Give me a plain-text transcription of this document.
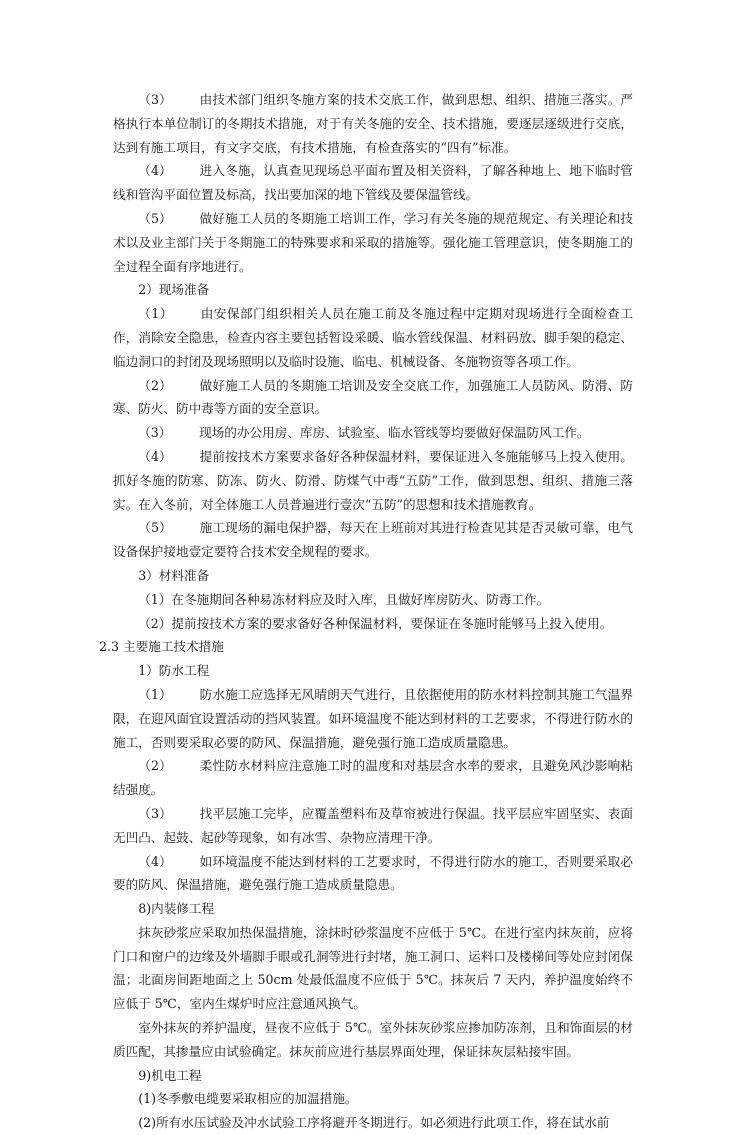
（3） 由技术部门组织冬施方案的技术交底工作，做到思想、组织、措施三落实。严格执行本单位制订的冬期技术措施，对于有关冬施的安全、技术措施，要逐层逐级进行交底，达到有施工项目，有文字交底，有技术措施，有检查落实的“四有”标准。

（4） 进入冬施，认真查见现场总平面布置及相关资料，了解各种地上、地下临时管线和管沟平面位置及标高，找出要加深的地下管线及要保温管线。

（5） 做好施工人员的冬期施工培训工作，学习有关冬施的规范规定、有关理论和技术以及业主部门关于冬期施工的特殊要求和采取的措施等。强化施工管理意识，使冬期施工的全过程全面有序地进行。

2）现场准备

（1） 由安保部门组织相关人员在施工前及冬施过程中定期对现场进行全面检查工作，消除安全隐患，检查内容主要包括暂设采暖、临水管线保温、材料码放、脚手架的稳定、临边洞口的封闭及现场照明以及临时设施、临电、机械设备、冬施物资等各项工作。

（2） 做好施工人员的冬期施工培训及安全交底工作，加强施工人员防风、防滑、防寒、防火、防中毒等方面的安全意识。

（3） 现场的办公用房、库房、试验室、临水管线等均要做好保温防风工作。

（4） 提前按技术方案要求备好各种保温材料，要保证进入冬施能够马上投入使用。抓好冬施的防寒、防冻、防火、防滑、防煤气中毒“五防”工作，做到思想、组织、措施三落实。在入冬前，对全体施工人员普遍进行壹次“五防”的思想和技术措施教育。

（5） 施工现场的漏电保护器，每天在上班前对其进行检查见其是否灵敏可靠，电气设备保护接地壹定要符合技术安全规程的要求。

3）材料准备

（1）在冬施期间各种易冻材料应及时入库，且做好库房防火、防毒工作。

（2）提前按技术方案的要求备好各种保温材料，要保证在冬施时能够马上投入使用。

2.3 主要施工技术措施

1）防水工程

（1） 防水施工应选择无风晴朗天气进行，且依据使用的防水材料控制其施工气温界限，在迎风面宜设置活动的挡风装置。如环境温度不能达到材料的工艺要求，不得进行防水的施工，否则要采取必要的防风、保温措施，避免强行施工造成质量隐患。

（2） 柔性防水材料应注意施工时的温度和对基层含水率的要求，且避免风沙影响粘结强度。

（3） 找平层施工完毕，应覆盖塑料布及草帘被进行保温。找平层应牢固坚实、表面无凹凸、起鼓、起砂等现象，如有冰雪、杂物应清理干净。

（4） 如环境温度不能达到材料的工艺要求时，不得进行防水的施工，否则要采取必要的防风、保温措施，避免强行施工造成质量隐患。

8)内装修工程

抹灰砂浆应采取加热保温措施，涂抹时砂浆温度不应低于 5℃。在进行室内抹灰前，应将门口和窗户的边缘及外墙脚手眼或孔洞等进行封堵，施工洞口、运料口及楼梯间等处应封闭保温；北面房间距地面之上 50cm 处最低温度不应低于 5℃。抹灰后 7 天内，养护温度始终不应低于 5℃，室内生煤炉时应注意通风换气。

室外抹灰的养护温度，昼夜不应低于 5℃。室外抹灰砂浆应掺加防冻剂，且和饰面层的材质匹配，其掺量应由试验确定。抹灰前应进行基层界面处理，保证抹灰层粘接牢固。

9)机电工程

(1)冬季敷电缆要采取相应的加温措施。

(2)所有水压试验及冲水试验工序将避开冬期进行。如必须进行此项工作，将在试水前
